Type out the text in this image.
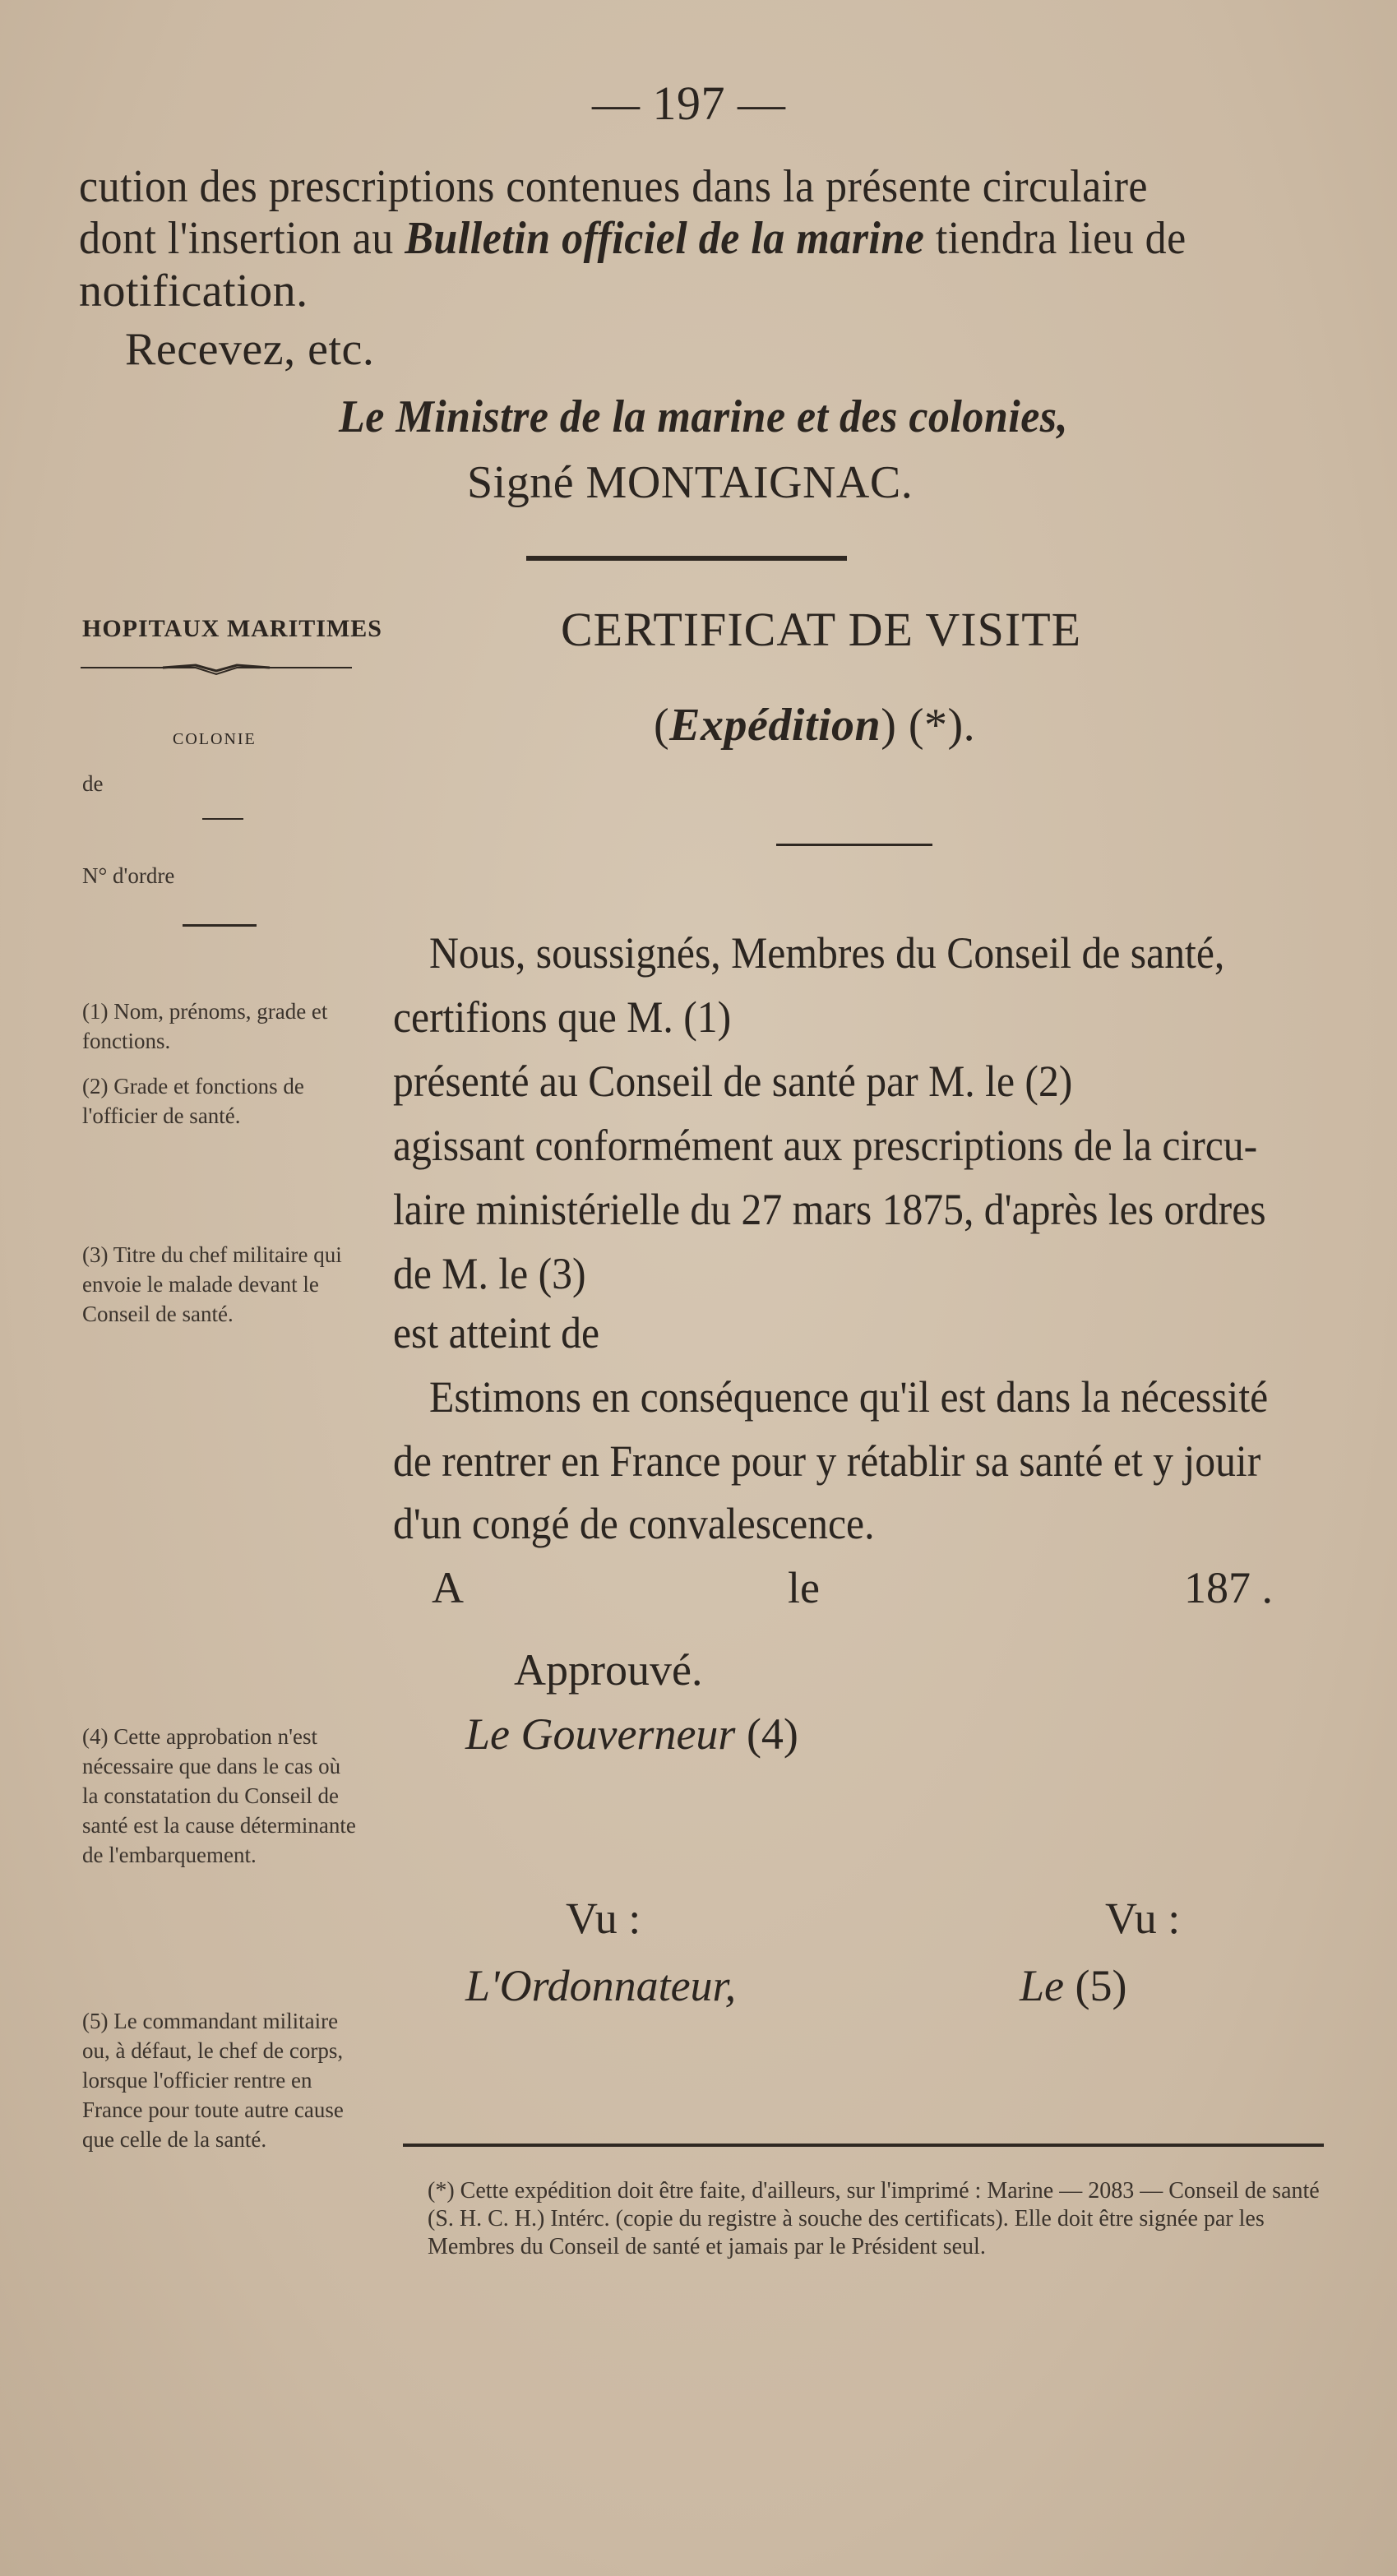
— 197 —
cution des prescriptions contenues dans la présente circulaire
dont l'insertion au Bulletin officiel de la marine tiendra lieu de
notification.
Recevez, etc.
Le Ministre de la marine et des colonies,
Signé MONTAIGNAC.
HOPITAUX MARITIMES
COLONIE
de
N° d'ordre
(1) Nom, prénoms, grade et fonctions.
(2) Grade et fonctions de l'officier de santé.
(3) Titre du chef militaire qui envoie le malade devant le Conseil de santé.
(4) Cette approbation n'est nécessaire que dans le cas où la constatation du Conseil de santé est la cause déterminante de l'embarquement.
(5) Le commandant militaire ou, à défaut, le chef de corps, lorsque l'officier rentre en France pour toute autre cause que celle de la santé.
CERTIFICAT DE VISITE
(Expédition) (*).
Nous, soussignés, Membres du Conseil de santé,
certifions que M. (1)
présenté au Conseil de santé par M. le (2)
agissant conformément aux prescriptions de la circu-
laire ministérielle du 27 mars 1875, d'après les ordres
de M. le (3)
est atteint de
Estimons en conséquence qu'il est dans la nécessité
de rentrer en France pour y rétablir sa santé et y jouir
d'un congé de convalescence.
A	le	187 .
Approuvé.
Le Gouverneur (4)
Vu :	Vu :
L'Ordonnateur,	Le (5)
(*) Cette expédition doit être faite, d'ailleurs, sur l'imprimé : Marine — 2083 — Conseil de santé (S. H. C. H.) Intérc. (copie du registre à souche des certificats). Elle doit être signée par les Membres du Conseil de santé et jamais par le Président seul.
